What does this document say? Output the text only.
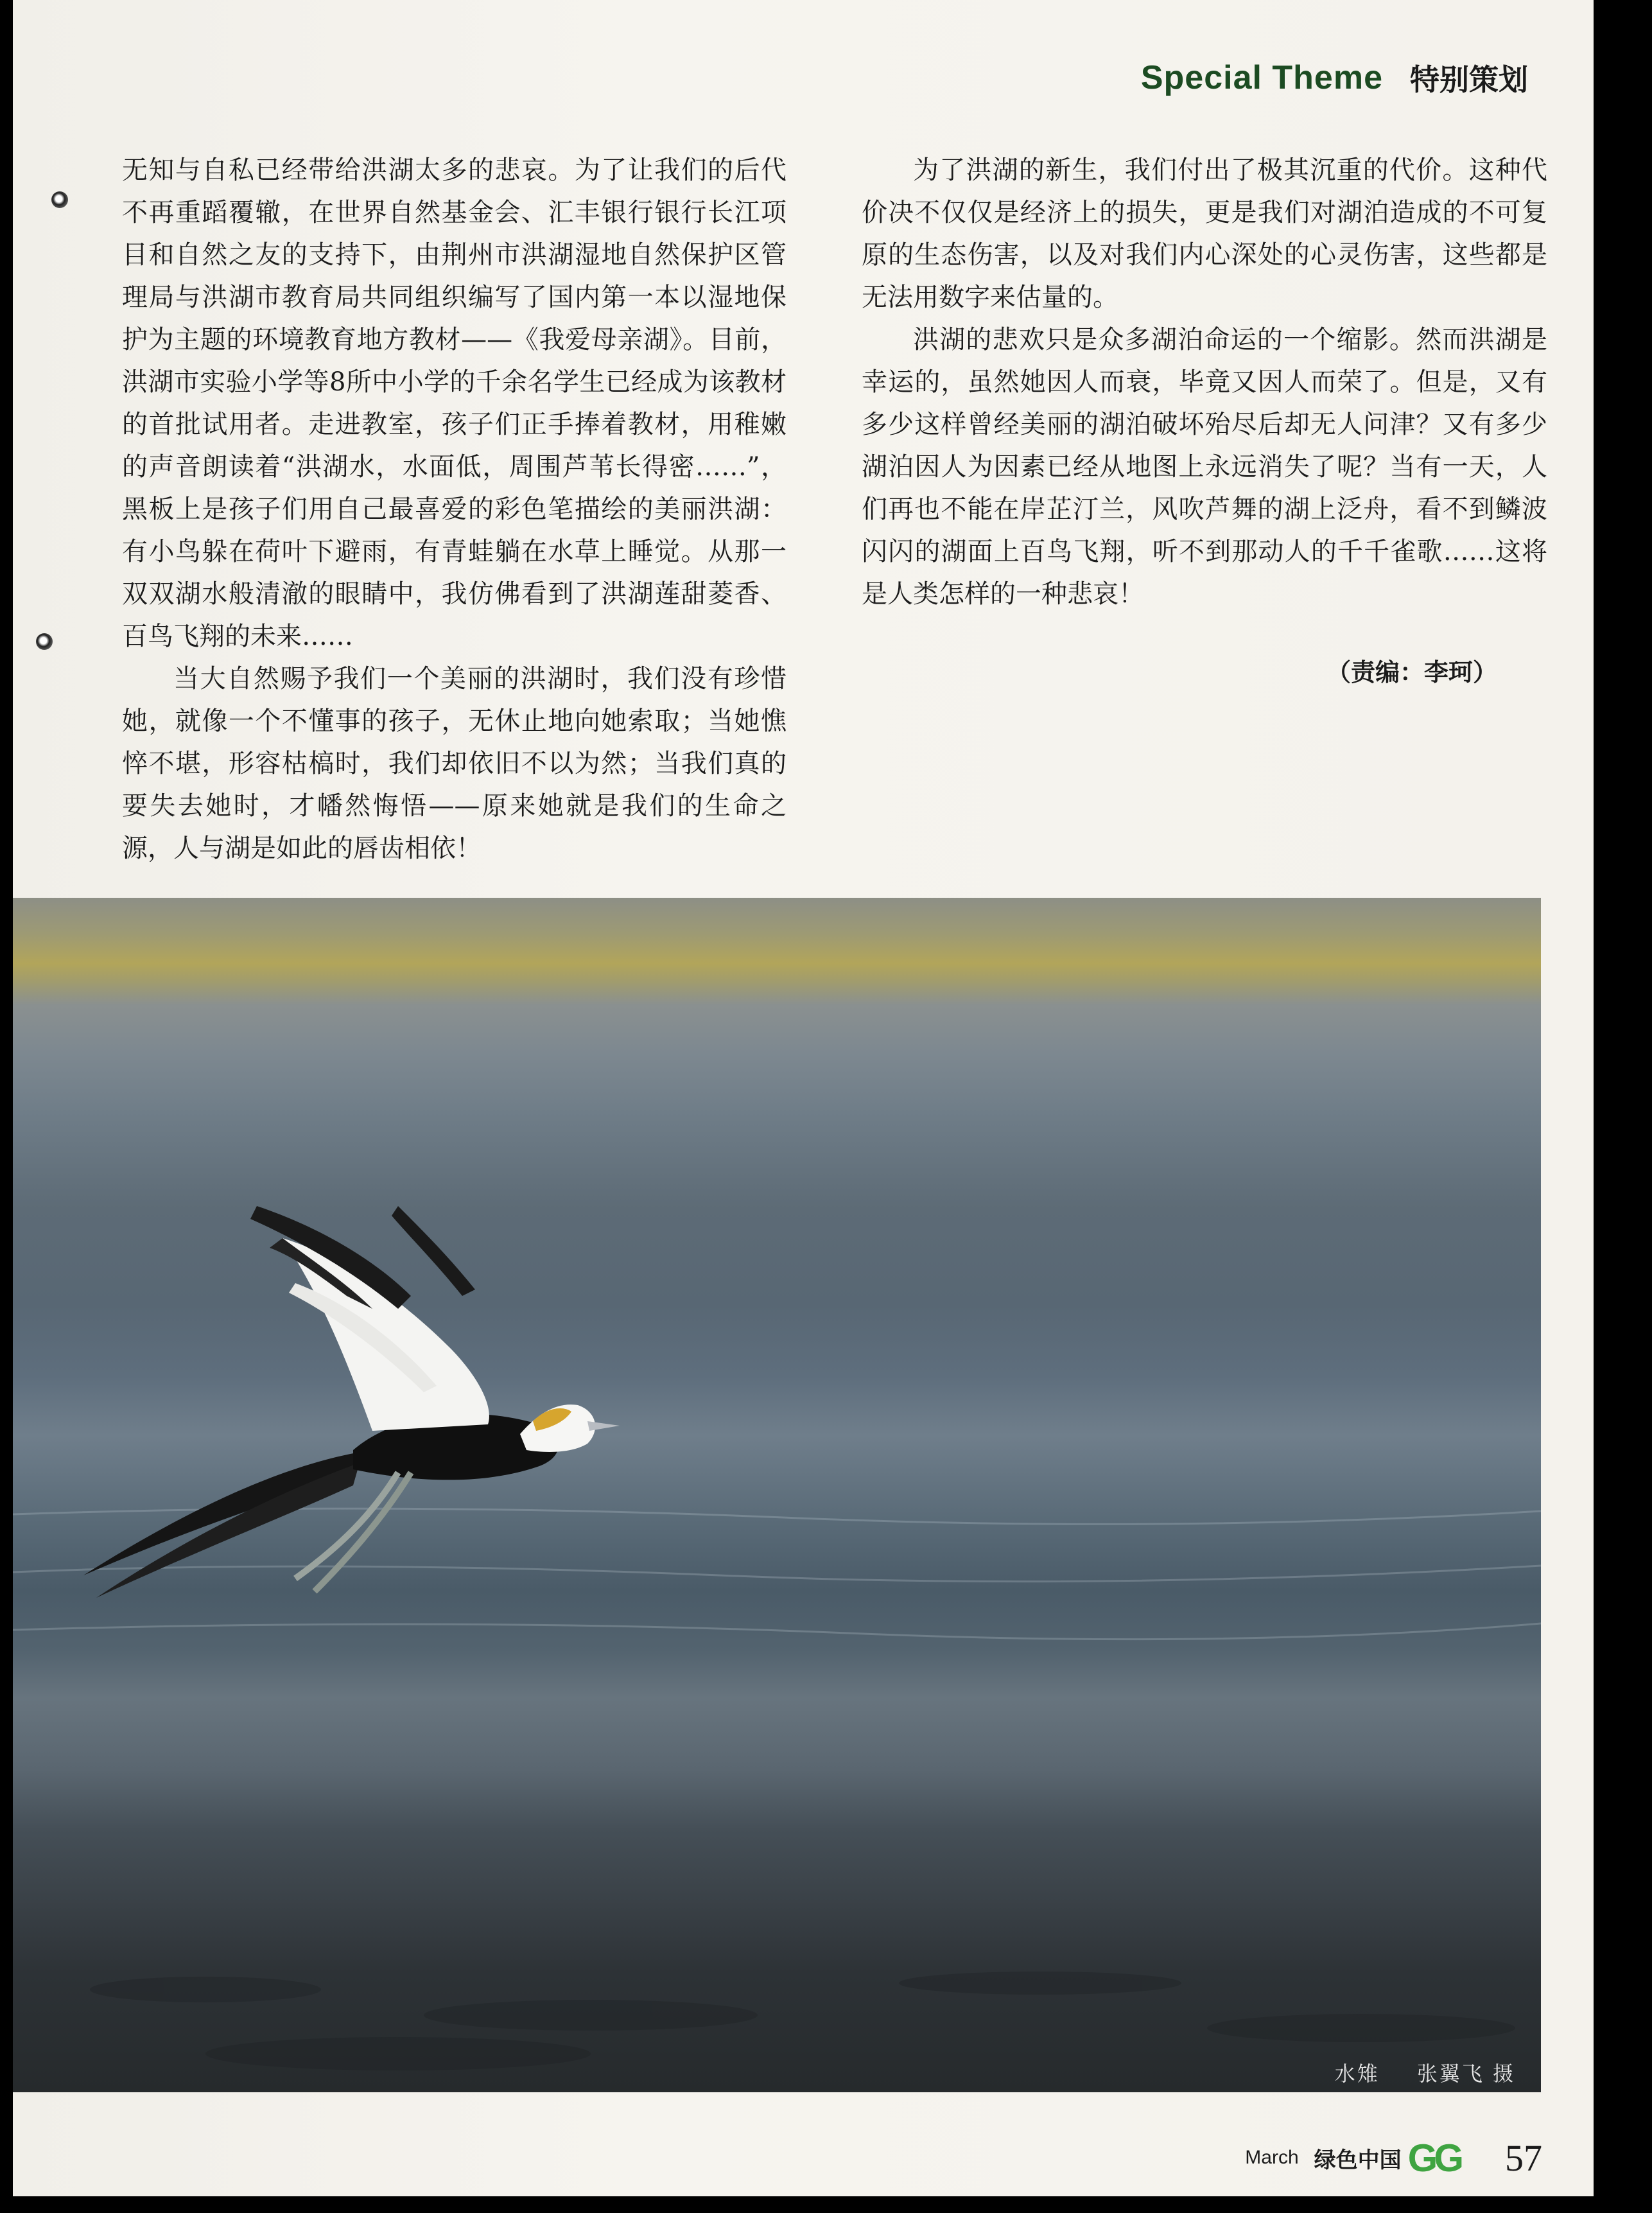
Special Theme 特别策划

无知与自私已经带给洪湖太多的悲哀。为了让我们的后代不再重蹈覆辙，在世界自然基金会、汇丰银行银行长江项目和自然之友的支持下，由荆州市洪湖湿地自然保护区管理局与洪湖市教育局共同组织编写了国内第一本以湿地保护为主题的环境教育地方教材——《我爱母亲湖》。目前，洪湖市实验小学等8所中小学的千余名学生已经成为该教材的首批试用者。走进教室，孩子们正手捧着教材，用稚嫩的声音朗读着“洪湖水，水面低，周围芦苇长得密……”，黑板上是孩子们用自己最喜爱的彩色笔描绘的美丽洪湖：有小鸟躲在荷叶下避雨，有青蛙躺在水草上睡觉。从那一双双湖水般清澈的眼睛中，我仿佛看到了洪湖莲甜菱香、百鸟飞翔的未来……

当大自然赐予我们一个美丽的洪湖时，我们没有珍惜她，就像一个不懂事的孩子，无休止地向她索取；当她憔悴不堪，形容枯槁时，我们却依旧不以为然；当我们真的要失去她时，才幡然悔悟——原来她就是我们的生命之源，人与湖是如此的唇齿相依！

为了洪湖的新生，我们付出了极其沉重的代价。这种代价决不仅仅是经济上的损失，更是我们对湖泊造成的不可复原的生态伤害，以及对我们内心深处的心灵伤害，这些都是无法用数字来估量的。

洪湖的悲欢只是众多湖泊命运的一个缩影。然而洪湖是幸运的，虽然她因人而衰，毕竟又因人而荣了。但是，又有多少这样曾经美丽的湖泊破坏殆尽后却无人问津？又有多少湖泊因人为因素已经从地图上永远消失了呢？当有一天，人们再也不能在岸芷汀兰，风吹芦舞的湖上泛舟，看不到鳞波闪闪的湖面上百鸟飞翔，听不到那动人的千千雀歌……这将是人类怎样的一种悲哀！

（责编：李珂）
水雉 张翼飞 摄
March 绿色中国 GG 57
